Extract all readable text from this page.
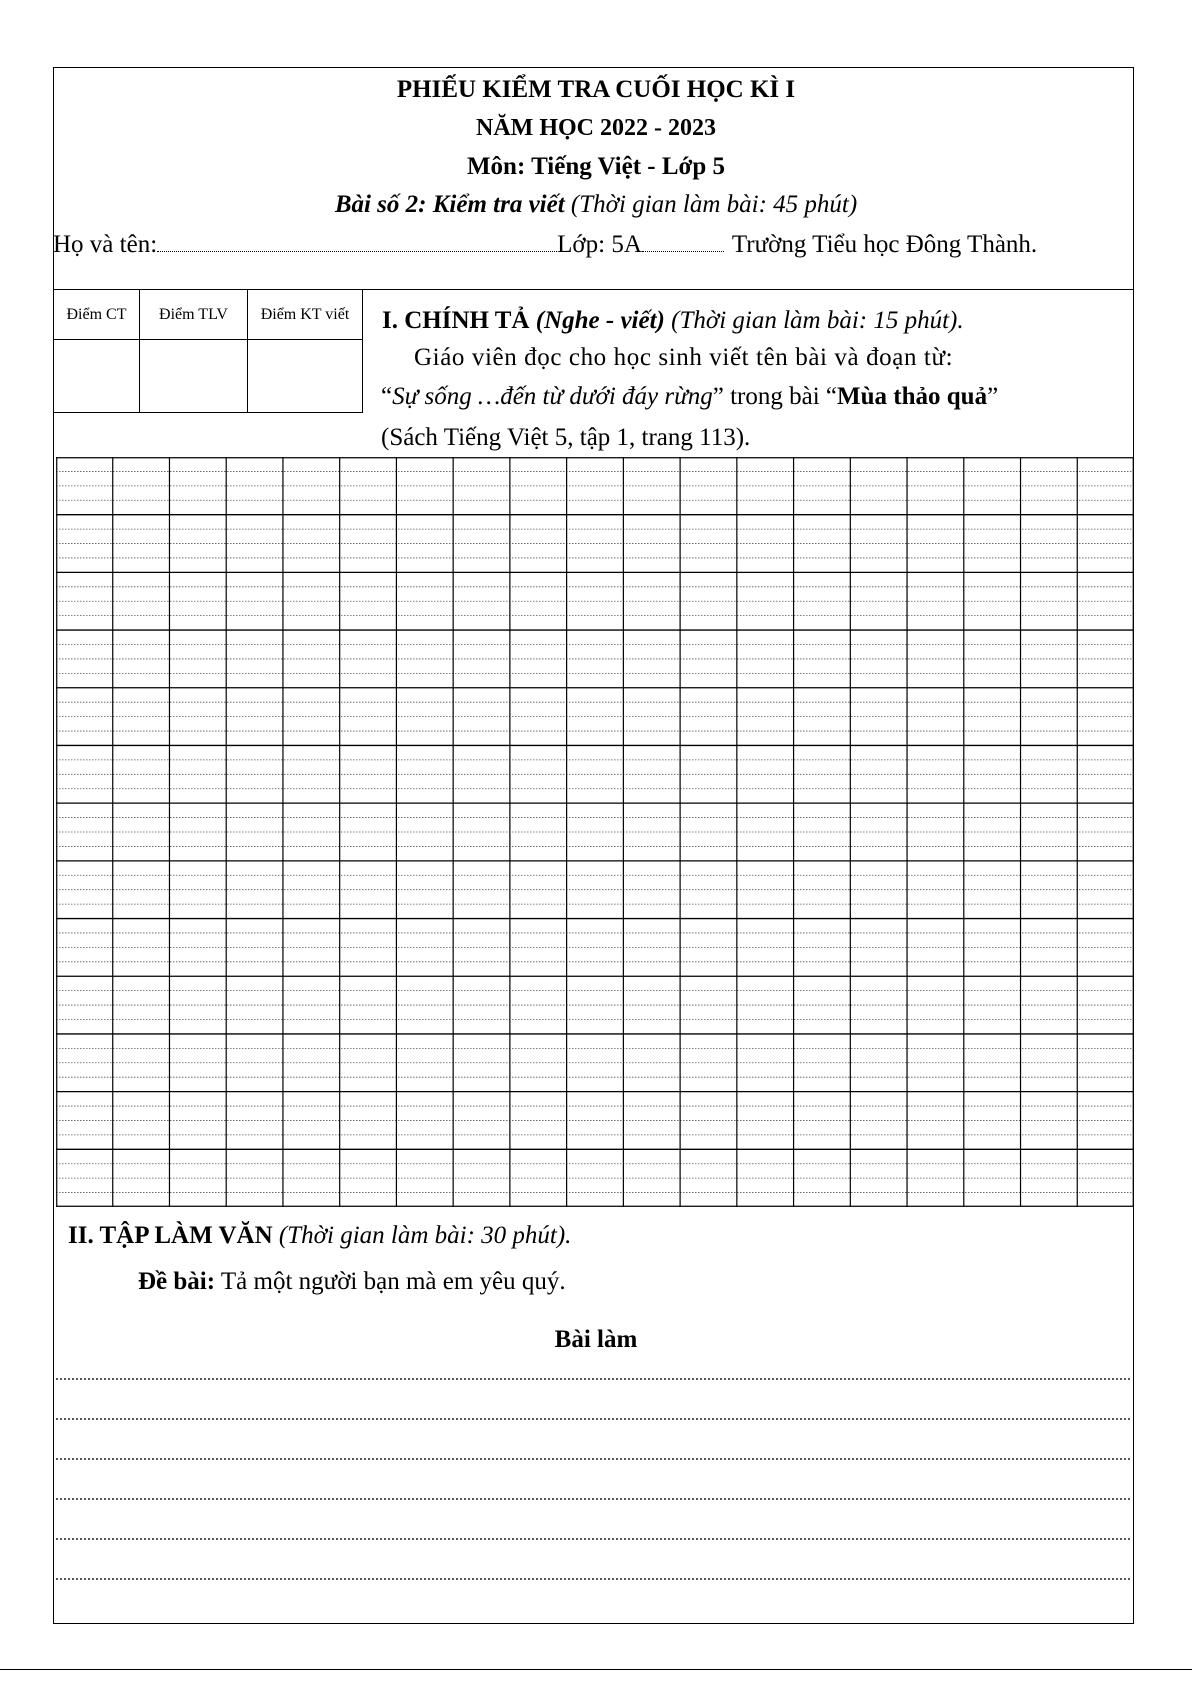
PHIẾU KIỂM TRA CUỐI HỌC KÌ I
NĂM HỌC 2022 - 2023
Môn: Tiếng Việt - Lớp 5
Bài số 2: Kiểm tra viết (Thời gian làm bài: 45 phút)
Họ và tên:	Lớp: 5A	Trường Tiểu học Đông Thành.
Điểm CT	Điểm TLV	Điểm KT viết
		I. CHÍNH TẢ (Nghe - viết) (Thời gian làm bài: 15 phút).
Giáo viên đọc cho học sinh viết tên bài và đoạn từ:
“Sự sống …đến từ dưới đáy rừng” trong bài “Mùa thảo quả”
(Sách Tiếng Việt 5, tập 1, trang 113).
II. TẬP LÀM VĂN (Thời gian làm bài: 30 phút).
Đề bài: Tả một người bạn mà em yêu quý.
Bài làm
